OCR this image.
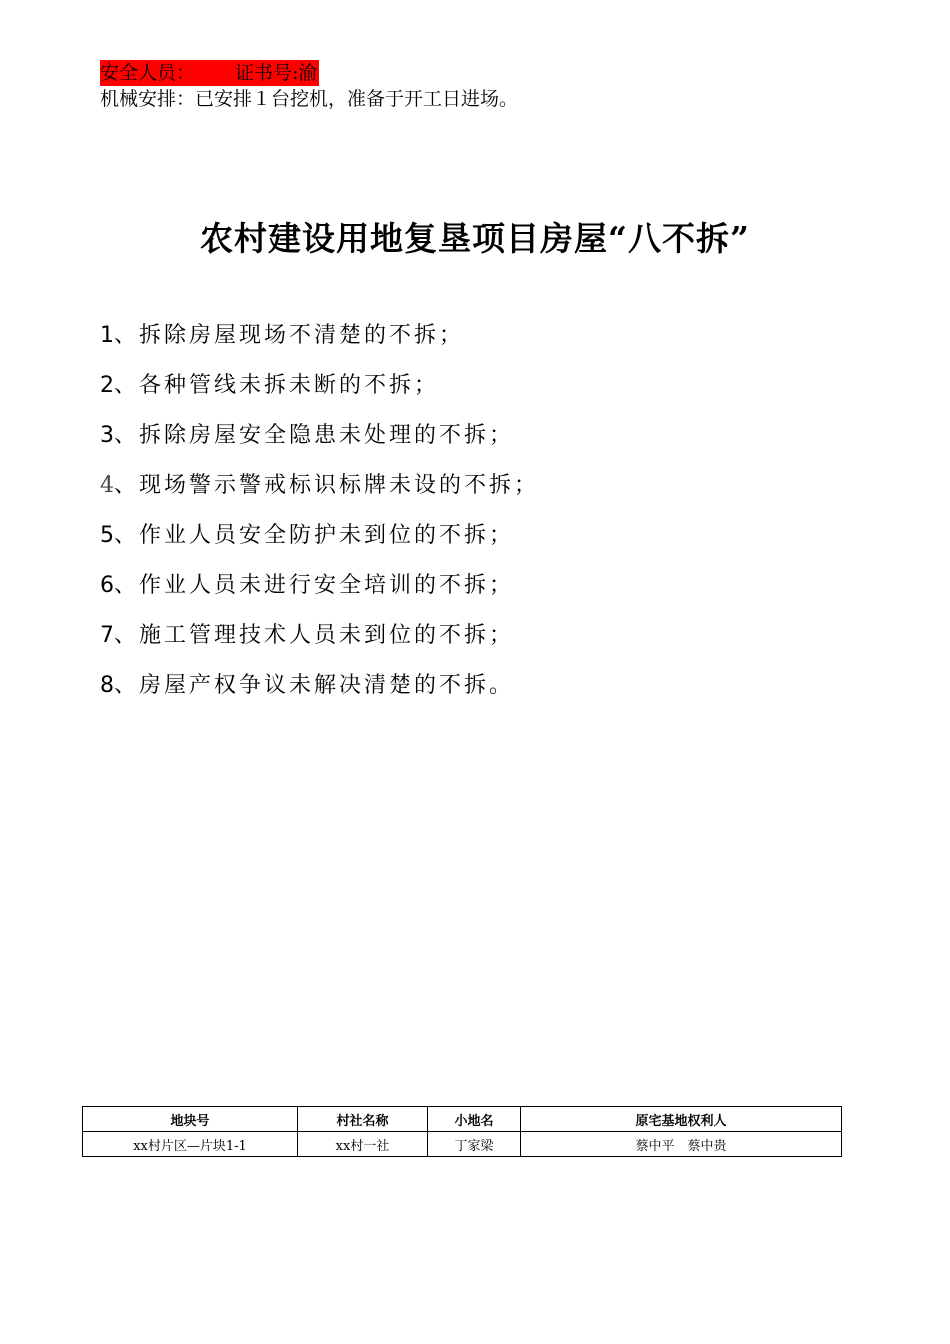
安全人员： 证书号:渝
机械安排：已安排１台挖机，准备于开工日进场。
农村建设用地复垦项目房屋“八不拆”
1、拆除房屋现场不清楚的不拆；
2、各种管线未拆未断的不拆；
3、拆除房屋安全隐患未处理的不拆；
4、现场警示警戒标识标牌未设的不拆；
5、作业人员安全防护未到位的不拆；
6、作业人员未进行安全培训的不拆；
7、施工管理技术人员未到位的不拆；
8、房屋产权争议未解决清楚的不拆。
地块号	村社名称	小地名	原宅基地权利人
xx村片区—片块1-1	xx村一社	丁家梁	蔡中平　蔡中贵
